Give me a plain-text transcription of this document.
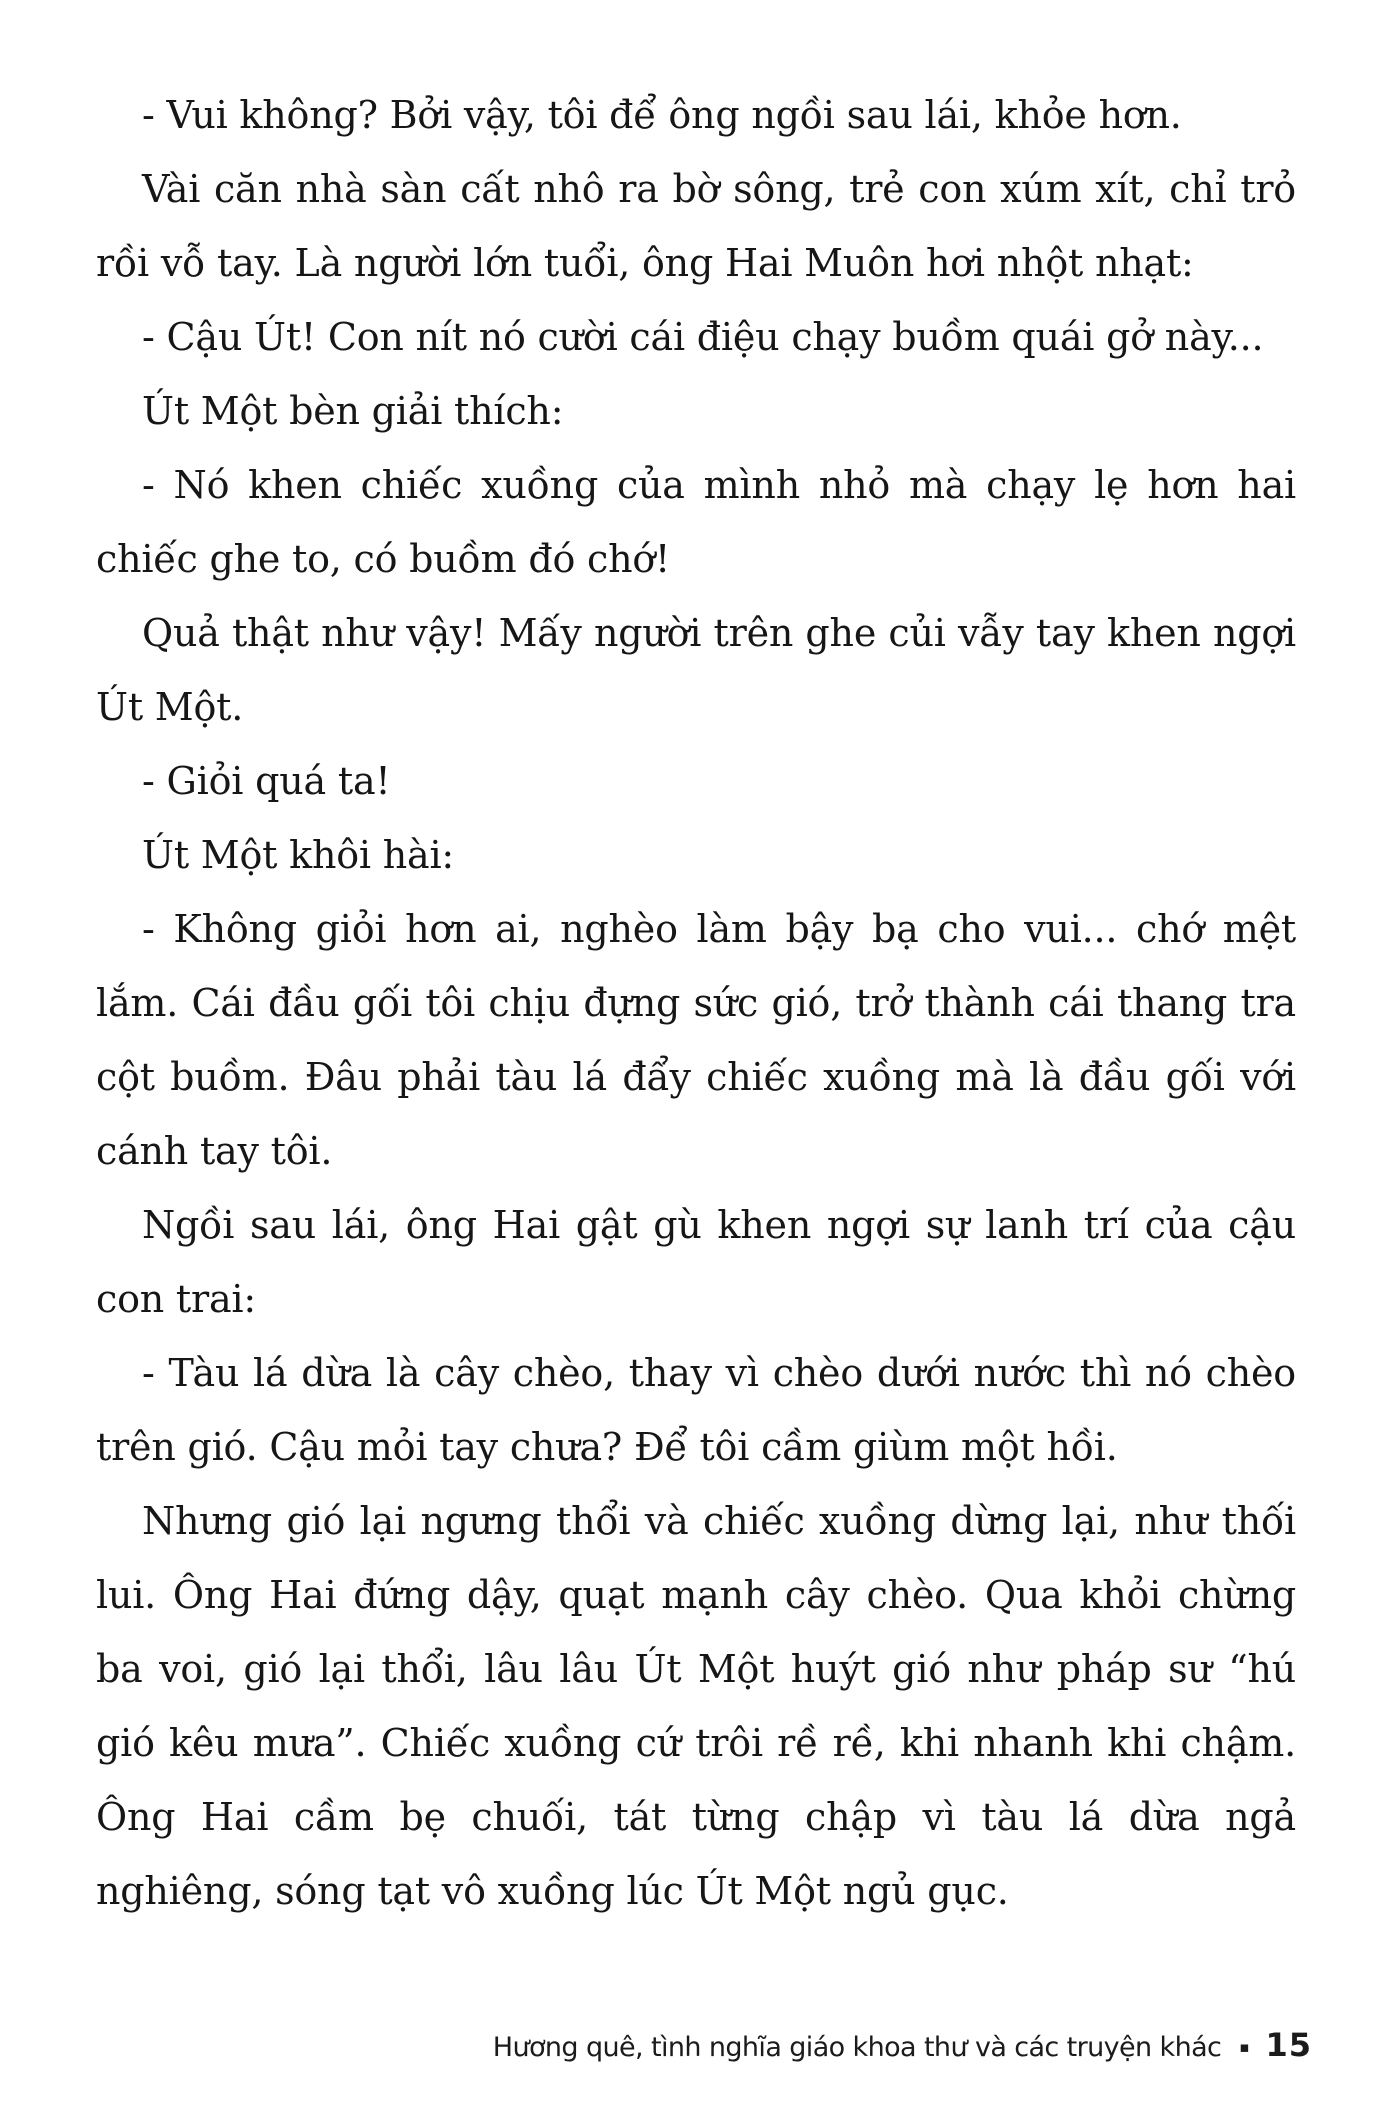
- Vui không? Bởi vậy, tôi để ông ngồi sau lái, khỏe hơn.

Vài căn nhà sàn cất nhô ra bờ sông, trẻ con xúm xít, chỉ trỏ rồi vỗ tay. Là người lớn tuổi, ông Hai Muôn hơi nhột nhạt:

- Cậu Út! Con nít nó cười cái điệu chạy buồm quái gở này...

Út Một bèn giải thích:

- Nó khen chiếc xuồng của mình nhỏ mà chạy lẹ hơn hai chiếc ghe to, có buồm đó chớ!

Quả thật như vậy! Mấy người trên ghe củi vẫy tay khen ngợi Út Một.

- Giỏi quá ta!

Út Một khôi hài:

- Không giỏi hơn ai, nghèo làm bậy bạ cho vui... chớ mệt lắm. Cái đầu gối tôi chịu đựng sức gió, trở thành cái thang tra cột buồm. Đâu phải tàu lá đẩy chiếc xuồng mà là đầu gối với cánh tay tôi.

Ngồi sau lái, ông Hai gật gù khen ngợi sự lanh trí của cậu con trai:

- Tàu lá dừa là cây chèo, thay vì chèo dưới nước thì nó chèo trên gió. Cậu mỏi tay chưa? Để tôi cầm giùm một hồi.

Nhưng gió lại ngưng thổi và chiếc xuồng dừng lại, như thối lui. Ông Hai đứng dậy, quạt mạnh cây chèo. Qua khỏi chừng ba voi, gió lại thổi, lâu lâu Út Một huýt gió như pháp sư “hú gió kêu mưa”. Chiếc xuồng cứ trôi rề rề, khi nhanh khi chậm. Ông Hai cầm bẹ chuối, tát từng chập vì tàu lá dừa ngả nghiêng, sóng tạt vô xuồng lúc Út Một ngủ gục.

Hương quê, tình nghĩa giáo khoa thư và các truyện khác ▪ 15
